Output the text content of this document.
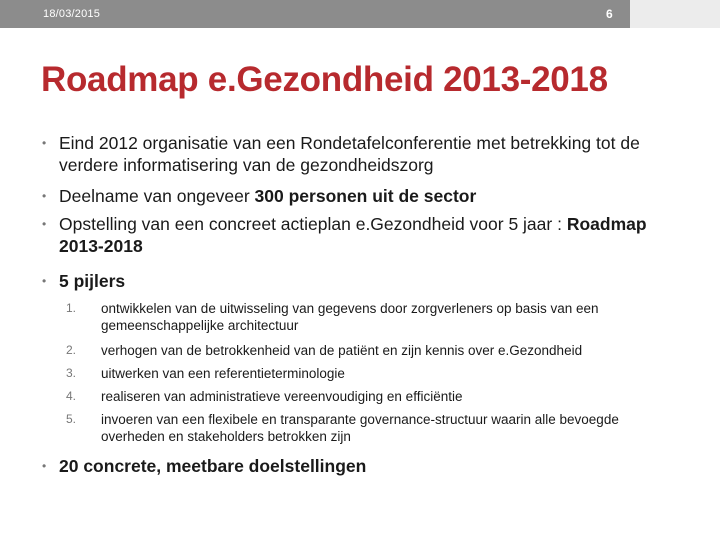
18/03/2015	6
Roadmap e.Gezondheid 2013-2018
• Eind 2012 organisatie van een Rondetafelconferentie met betrekking tot de verdere informatisering van de gezondheidszorg
• Deelname van ongeveer 300 personen uit de sector
• Opstelling van een concreet actieplan e.Gezondheid voor 5 jaar : Roadmap 2013-2018
• 5 pijlers
1. ontwikkelen van de uitwisseling van gegevens door zorgverleners op basis van een gemeenschappelijke architectuur
2. verhogen van de betrokkenheid van de patiënt en zijn kennis over e.Gezondheid
3. uitwerken van een referentieterminologie
4. realiseren van administratieve vereenvoudiging en efficiëntie
5. invoeren van een flexibele en transparante governance-structuur waarin alle bevoegde overheden en stakeholders betrokken zijn
• 20 concrete, meetbare doelstellingen
